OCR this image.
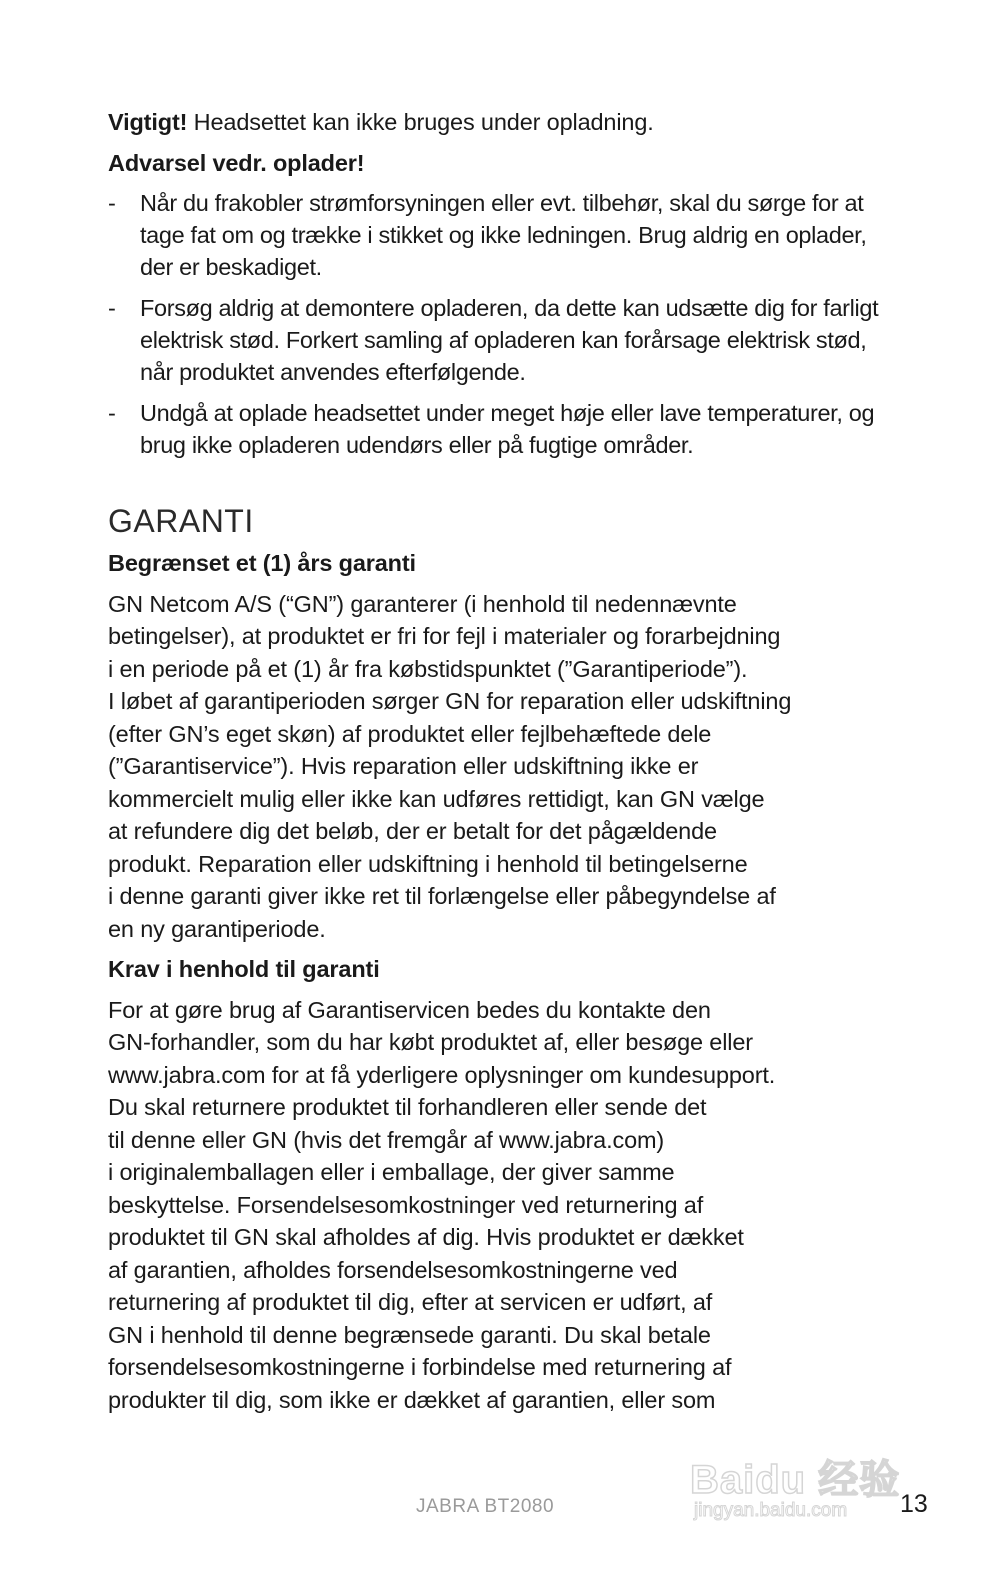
Vigtigt! Headsettet kan ikke bruges under opladning.

Advarsel vedr. oplader!

- Når du frakobler strømforsyningen eller evt. tilbehør, skal du sørge for at tage fat om og trække i stikket og ikke ledningen. Brug aldrig en oplader, der er beskadiget.
- Forsøg aldrig at demontere opladeren, da dette kan udsætte dig for farligt elektrisk stød. Forkert samling af opladeren kan forårsage elektrisk stød, når produktet anvendes efterfølgende.
- Undgå at oplade headsettet under meget høje eller lave temperaturer, og brug ikke opladeren udendørs eller på fugtige områder.
GARANTI

Begrænset et (1) års garanti

GN Netcom A/S (“GN”) garanterer (i henhold til nedennævnte
betingelser), at produktet er fri for fejl i materialer og forarbejdning
i en periode på et (1) år fra købstidspunktet (”Garantiperiode”).
I løbet af garantiperioden sørger GN for reparation eller udskiftning
(efter GN’s eget skøn) af produktet eller fejlbehæftede dele
(”Garantiservice”). Hvis reparation eller udskiftning ikke er
kommercielt mulig eller ikke kan udføres rettidigt, kan GN vælge
at refundere dig det beløb, der er betalt for det pågældende
produkt. Reparation eller udskiftning i henhold til betingelserne
i denne garanti giver ikke ret til forlængelse eller påbegyndelse af
en ny garantiperiode.

Krav i henhold til garanti

For at gøre brug af Garantiservicen bedes du kontakte den
GN-forhandler, som du har købt produktet af, eller besøge eller
www.jabra.com for at få yderligere oplysninger om kundesupport.
Du skal returnere produktet til forhandleren eller sende det
til denne eller GN (hvis det fremgår af www.jabra.com)
i originalemballagen eller i emballage, der giver samme
beskyttelse. Forsendelsesomkostninger ved returnering af
produktet til GN skal afholdes af dig. Hvis produktet er dækket
af garantien, afholdes forsendelsesomkostningerne ved
returnering af produktet til dig, efter at servicen er udført, af
GN i henhold til denne begrænsede garanti. Du skal betale
forsendelsesomkostningerne i forbindelse med returnering af
produkter til dig, som ikke er dækket af garantien, eller som

Baidu 经验
jingyan.baidu.com
JABRA BT2080	13
